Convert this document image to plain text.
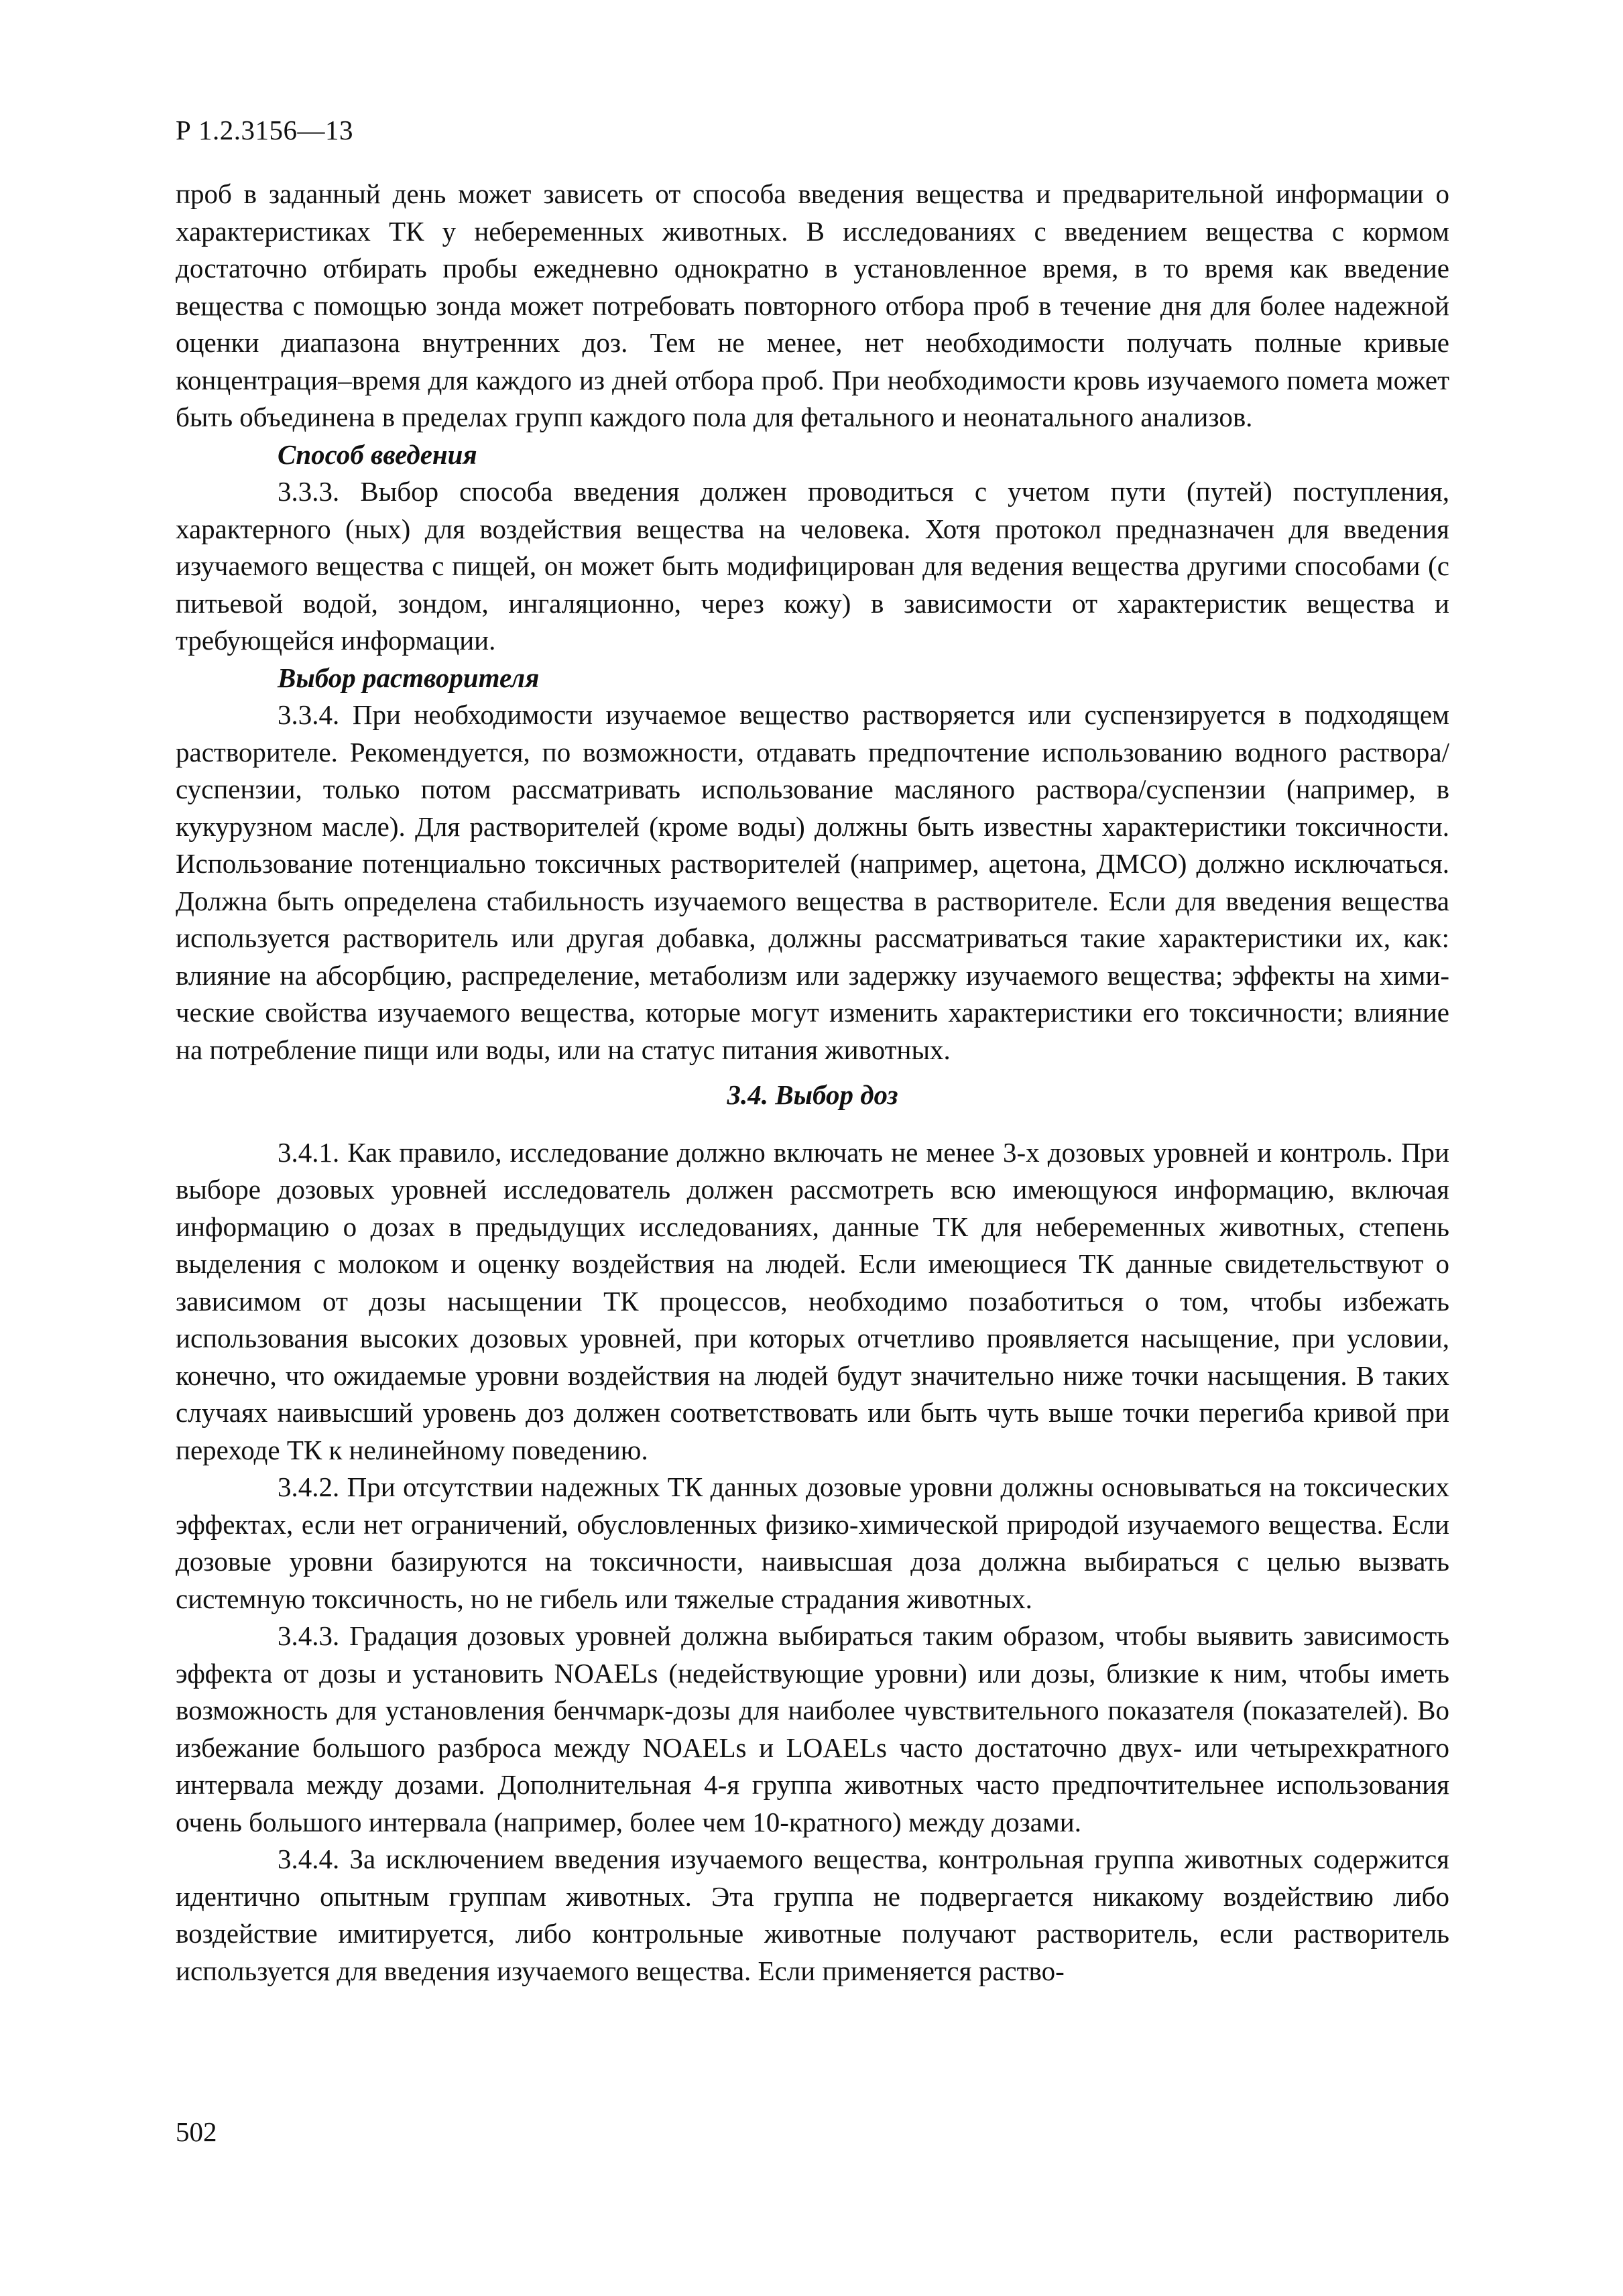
Р 1.2.3156—13

проб в заданный день может зависеть от способа введения вещества и предварительной информации о характеристиках ТК у небеременных животных. В исследованиях с введением вещества с кормом достаточно отбирать пробы ежедневно однократно в установленное время, в то время как введение вещества с помощью зонда может потребовать повторного отбора проб в течение дня для более надежной оценки диапазона внутренних доз. Тем не менее, нет необходимости получать полные кривые концентрация–время для каждого из дней отбора проб. При необходимости кровь изучаемого помета может быть объединена в пределах групп каждого пола для фетального и неонатального анализов.

Способ введения

3.3.3. Выбор способа введения должен проводиться с учетом пути (путей) поступления, характерного (ных) для воздействия вещества на человека. Хотя протокол предназначен для введения изучаемого вещества с пищей, он может быть модифицирован для ведения вещества другими способами (с питьевой водой, зондом, ингаляционно, через кожу) в зависимости от характеристик вещества и требующейся информации.

Выбор растворителя

3.3.4. При необходимости изучаемое вещество растворяется или суспензируется в подходящем растворителе. Рекомендуется, по возможности, отдавать предпочтение использованию водного раствора/суспензии, только потом рассматривать использование масляного раствора/суспензии (например, в кукурузном масле). Для растворителей (кроме воды) должны быть известны характеристики токсичности. Использование потенциально токсичных растворителей (например, ацетона, ДМСО) должно исключаться. Должна быть определена стабильность изучаемого вещества в растворителе. Если для введения вещества используется растворитель или другая добавка, должны рассматриваться такие характеристики их, как: влияние на абсорбцию, распределение, метаболизм или задержку изучаемого вещества; эффекты на химические свойства изучаемого вещества, которые могут изменить характеристики его токсичности; влияние на потребление пищи или воды, или на статус питания животных.

3.4. Выбор доз

3.4.1. Как правило, исследование должно включать не менее 3-х дозовых уровней и контроль. При выборе дозовых уровней исследователь должен рассмотреть всю имеющуюся информацию, включая информацию о дозах в предыдущих исследованиях, данные ТК для небеременных животных, степень выделения с молоком и оценку воздействия на людей. Если имеющиеся ТК данные свидетельствуют о зависимом от дозы насыщении ТК процессов, необходимо позаботиться о том, чтобы избежать использования высоких дозовых уровней, при которых отчетливо проявляется насыщение, при условии, конечно, что ожидаемые уровни воздействия на людей будут значительно ниже точки насыщения. В таких случаях наивысший уровень доз должен соответствовать или быть чуть выше точки перегиба кривой при переходе ТК к нелинейному поведению.

3.4.2. При отсутствии надежных ТК данных дозовые уровни должны основываться на токсических эффектах, если нет ограничений, обусловленных физико-химической природой изучаемого вещества. Если дозовые уровни базируются на токсичности, наивысшая доза должна выбираться с целью вызвать системную токсичность, но не гибель или тяжелые страдания животных.

3.4.3. Градация дозовых уровней должна выбираться таким образом, чтобы выявить зависимость эффекта от дозы и установить NOAELs (недействующие уровни) или дозы, близкие к ним, чтобы иметь возможность для установления бенчмарк-дозы для наиболее чувствительного показателя (показателей). Во избежание большого разброса между NOAELs и LOAELs часто достаточно двух- или четырехкратного интервала между дозами. Дополнительная 4-я группа животных часто предпочтительнее использования очень большого интервала (например, более чем 10-кратного) между дозами.

3.4.4. За исключением введения изучаемого вещества, контрольная группа животных содержится идентично опытным группам животных. Эта группа не подвергается никакому воздействию либо воздействие имитируется, либо контрольные животные получают растворитель, если растворитель используется для введения изучаемого вещества. Если применяется раство-

502
